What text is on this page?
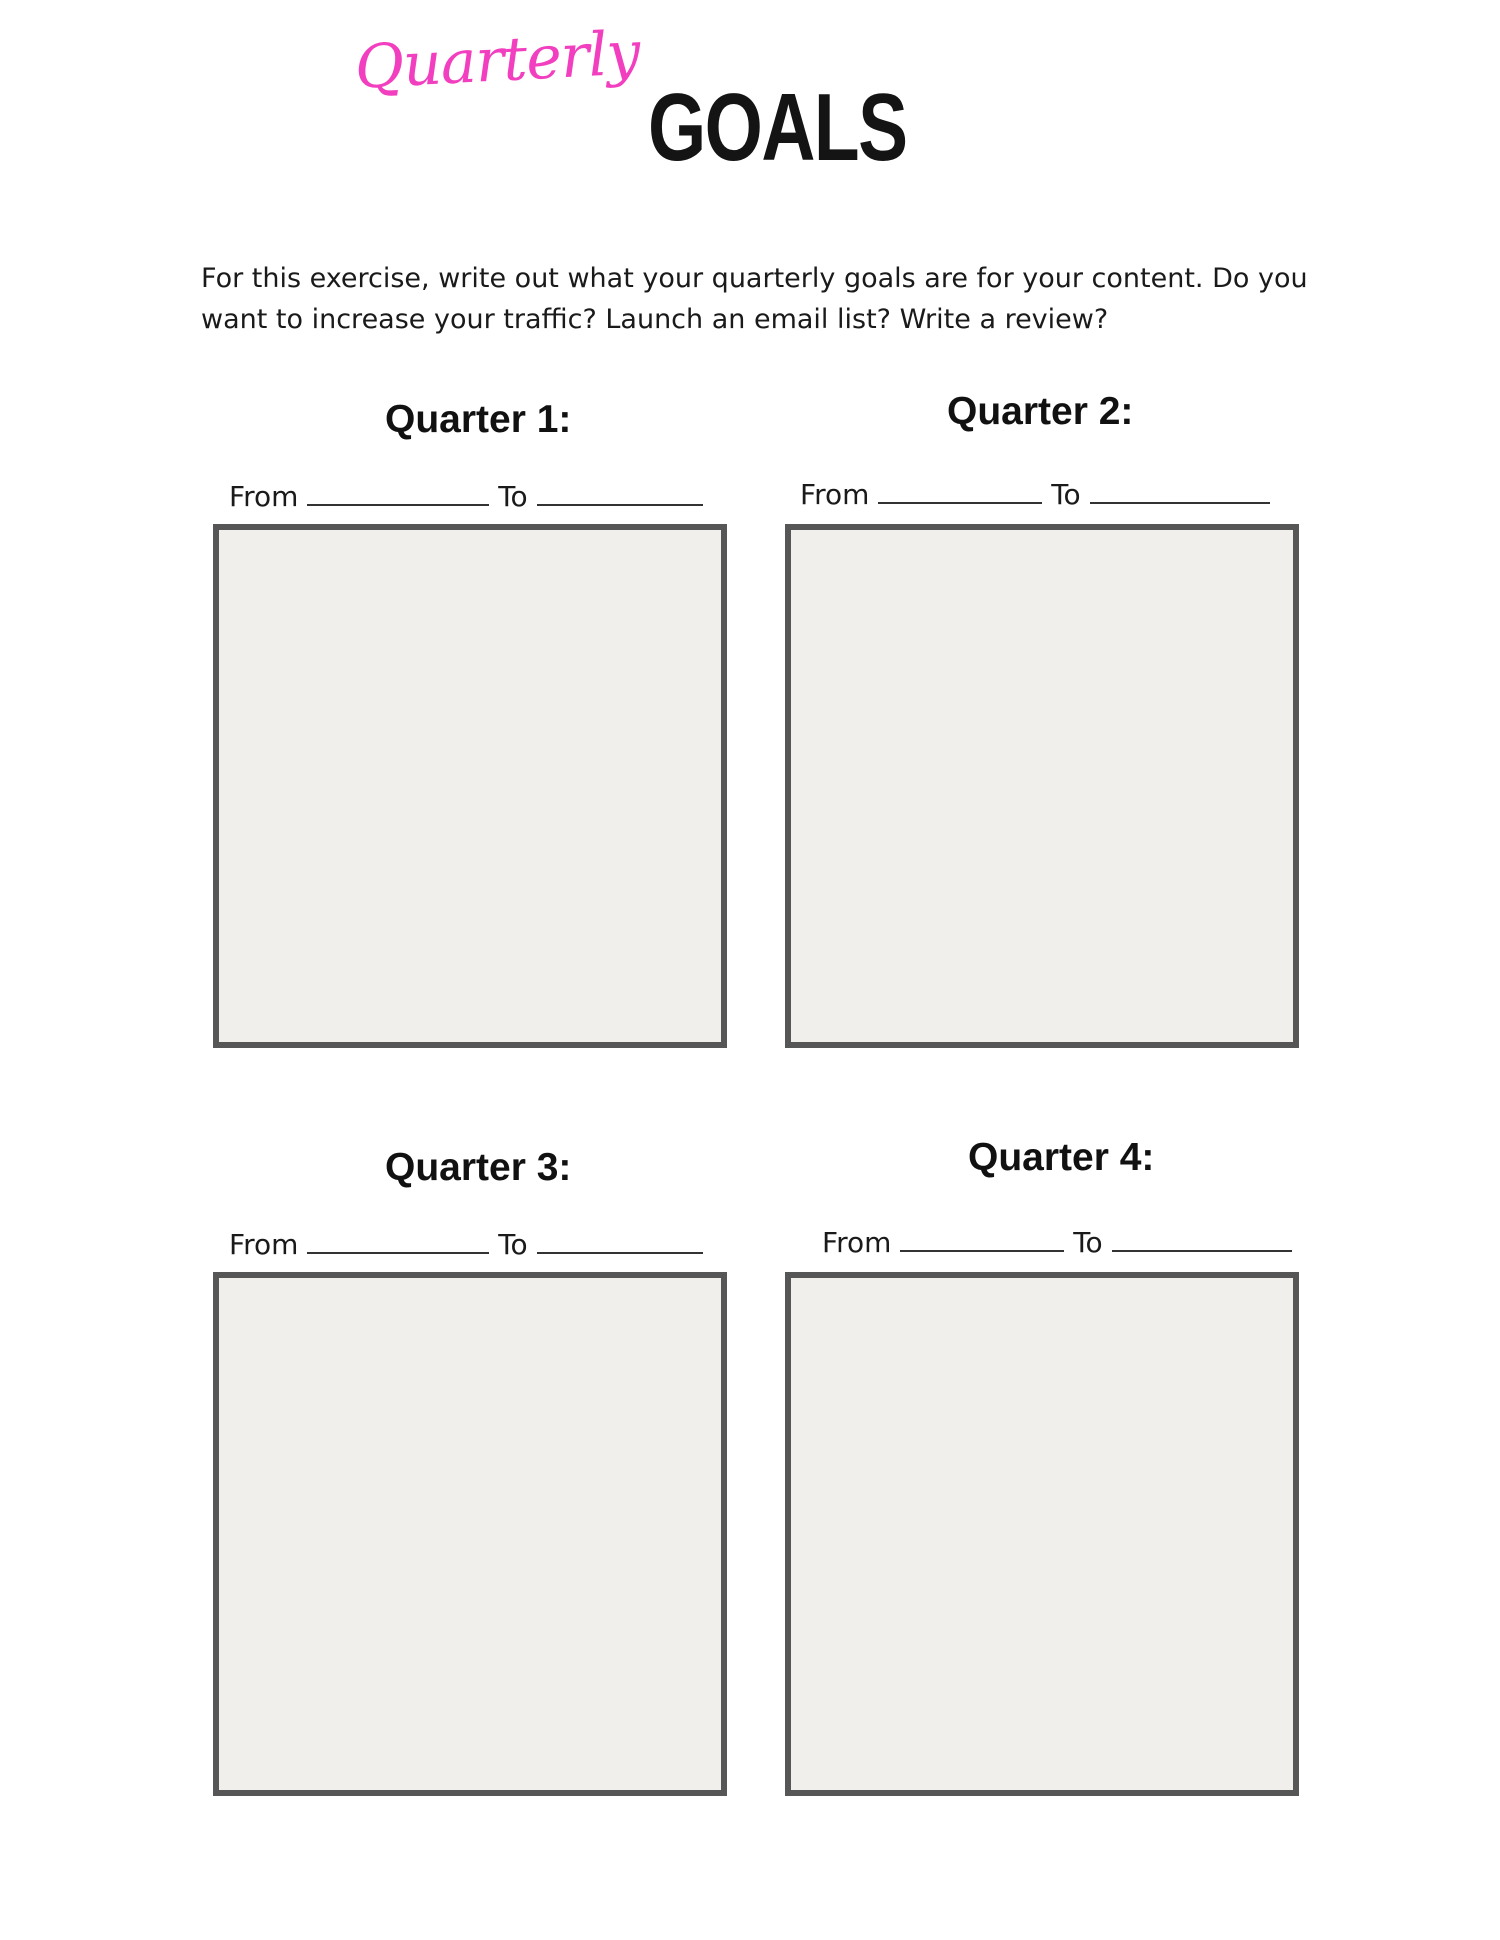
Quarterly
GOALS

For this exercise, write out what your quarterly goals are for your content. Do you want to increase your traffic? Launch an email list? Write a review?

Quarter 1:
From	To
Quarter 2:
From	To
Quarter 3:
From	To
Quarter 4:
From	To
